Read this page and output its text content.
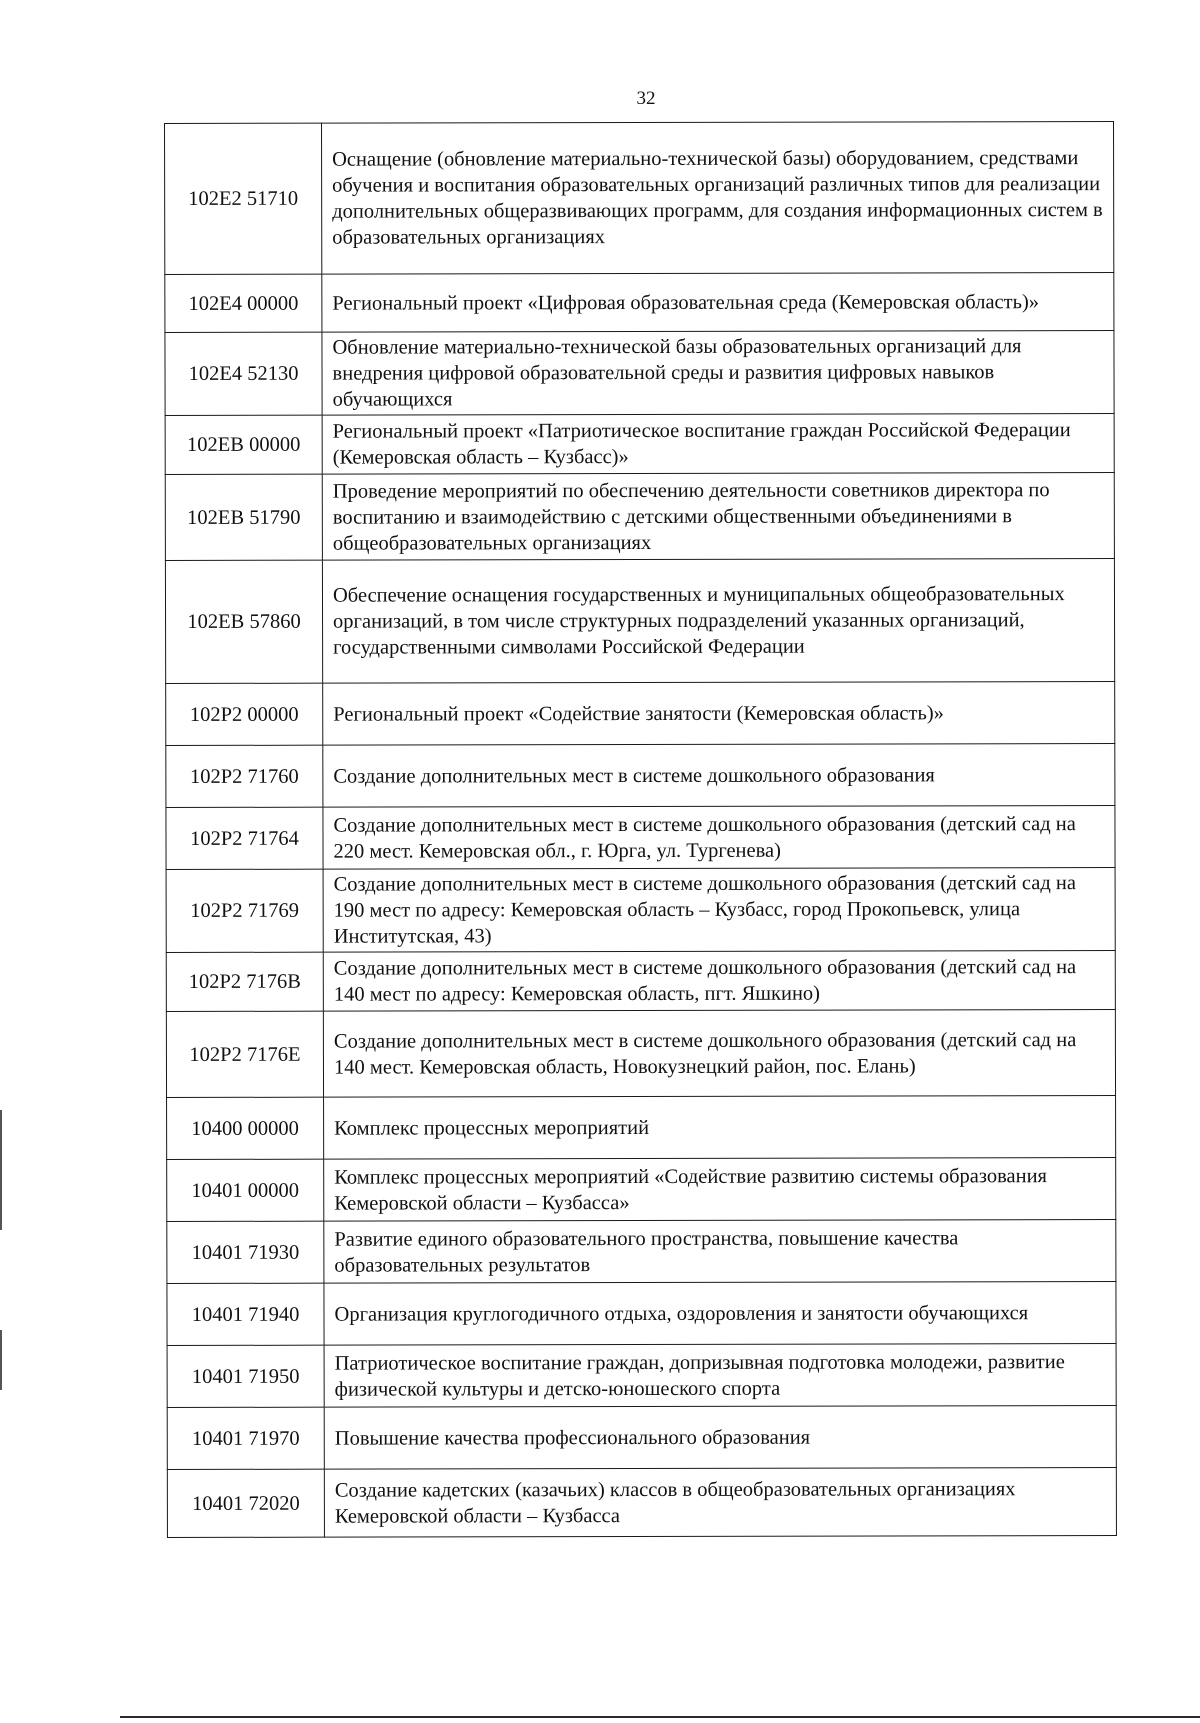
32
102E2 51710	Оснащение (обновление материально-технической базы) оборудованием, средствами обучения и воспитания образовательных организаций различных типов для реализации дополнительных общеразвивающих программ, для создания информационных систем в образовательных организациях
102E4 00000	Региональный проект «Цифровая образовательная среда (Кемеровская область)»
102E4 52130	Обновление материально-технической базы образовательных организаций для внедрения цифровой образовательной среды и развития цифровых навыков обучающихся
102EB 00000	Региональный проект «Патриотическое воспитание граждан Российской Федерации (Кемеровская область – Кузбасс)»
102EB 51790	Проведение мероприятий по обеспечению деятельности советников директора по воспитанию и взаимодействию с детскими общественными объединениями в общеобразовательных организациях
102EB 57860	Обеспечение оснащения государственных и муниципальных общеобразовательных организаций, в том числе структурных подразделений указанных организаций, государственными символами Российской Федерации
102P2 00000	Региональный проект «Содействие занятости (Кемеровская область)»
102P2 71760	Создание дополнительных мест в системе дошкольного образования
102P2 71764	Создание дополнительных мест в системе дошкольного образования (детский сад на 220 мест. Кемеровская обл., г. Юрга, ул. Тургенева)
102P2 71769	Создание дополнительных мест в системе дошкольного образования (детский сад на 190 мест по адресу: Кемеровская область – Кузбасс, город Прокопьевск, улица Институтская, 43)
102P2 7176B	Создание дополнительных мест в системе дошкольного образования (детский сад на 140 мест по адресу: Кемеровская область, пгт. Яшкино)
102P2 7176E	Создание дополнительных мест в системе дошкольного образования (детский сад на 140 мест. Кемеровская область, Новокузнецкий район, пос. Елань)
10400 00000	Комплекс процессных мероприятий
10401 00000	Комплекс процессных мероприятий «Содействие развитию системы образования Кемеровской области – Кузбасса»
10401 71930	Развитие единого образовательного пространства, повышение качества образовательных результатов
10401 71940	Организация круглогодичного отдыха, оздоровления и занятости обучающихся
10401 71950	Патриотическое воспитание граждан, допризывная подготовка молодежи, развитие физической культуры и детско-юношеского спорта
10401 71970	Повышение качества профессионального образования
10401 72020	Создание кадетских (казачьих) классов в общеобразовательных организациях Кемеровской области – Кузбасса
